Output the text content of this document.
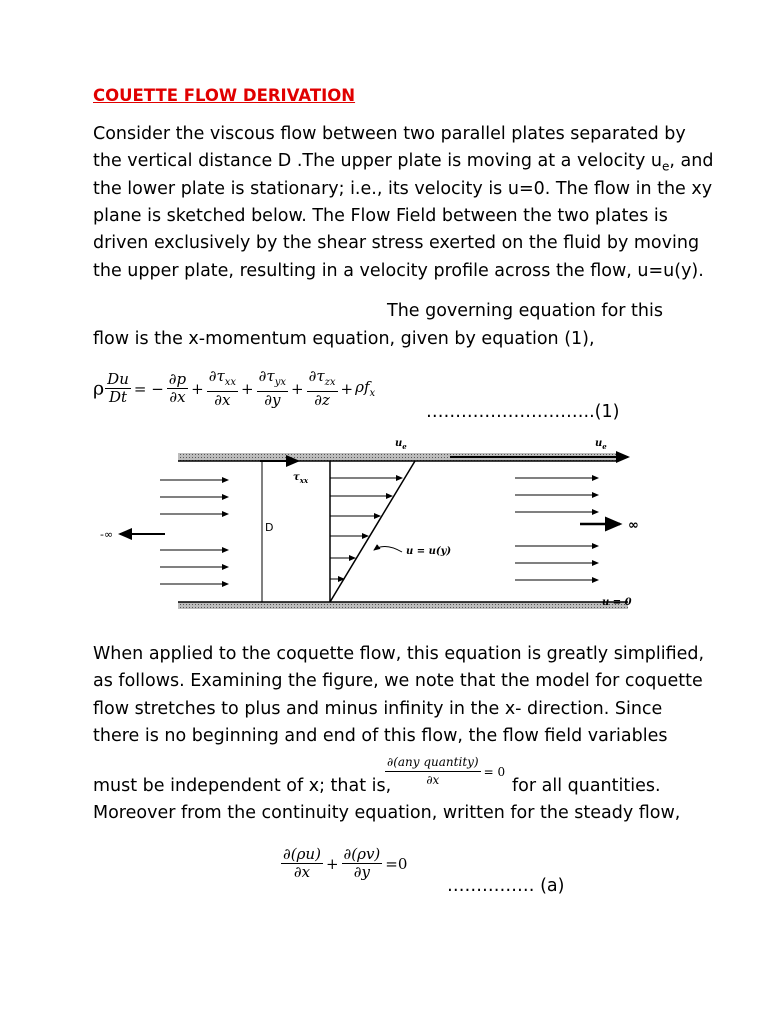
COUETTE FLOW DERIVATION
Consider the viscous flow between two parallel plates separated by
the vertical distance D .The upper plate is moving at a velocity $u_e$, and
the lower plate is stationary; i.e., its velocity is u=0. The flow in the xy
plane is sketched below. The Flow Field between the two plates is
driven exclusively by the shear stress exerted on the fluid by moving
the upper plate, resulting in a velocity profile across the flow, u=u(y).
The governing equation for this
flow is the x-momentum equation, given by equation (1),
ρ $\frac{Du}{Dt}$ = − $\frac{\partial p}{\partial x} + \frac{\partial\tau_{xx}}{\partial x} + \frac{\partial\tau_{yx}}{\partial y} + \frac{\partial\tau_{zx}}{\partial z} + \rho f_x$
………………………..(1)
$u_e$	$u_e$
$\tau_{xx}$
D
-∞
∞
u = u(y)
u = 0
When applied to the coquette flow, this equation is greatly simplified,
as follows. Examining the figure, we note that the model for coquette
flow stretches to plus and minus infinity in the x- direction. Since
there is no beginning and end of this flow, the flow field variables
must be independent of x; that is,
$\frac{\text{∂(any quantity)}}{\partial x} = 0$
for all quantities.
Moreover from the continuity equation, written for the steady flow,
$\frac{\partial(\rho u)}{\partial x} + \frac{\partial(\rho v)}{\partial y} =0$
…………… (a)
